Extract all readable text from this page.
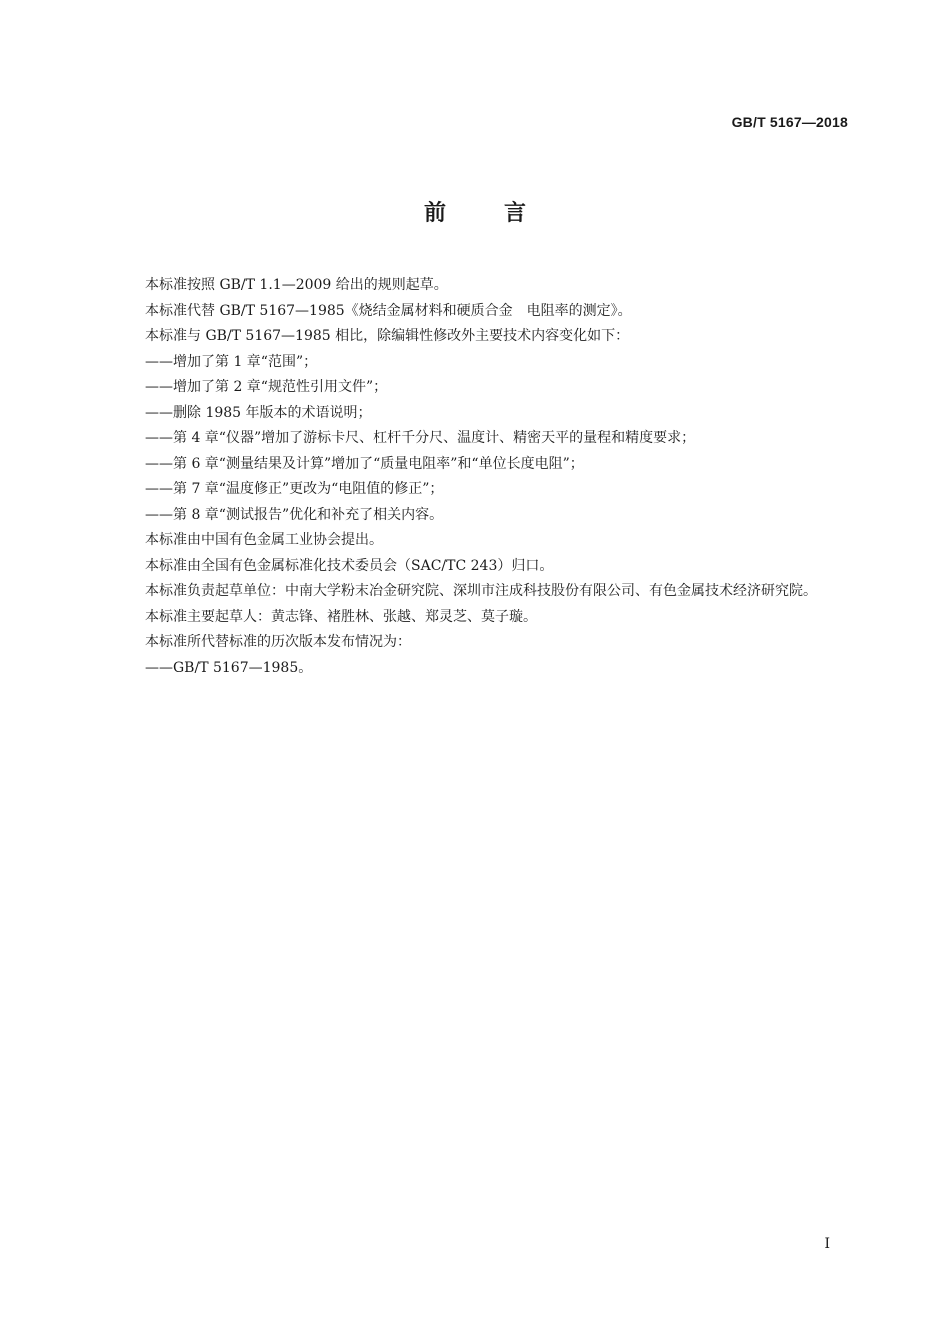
GB/T 5167—2018
前言

本标准按照 GB/T 1.1—2009 给出的规则起草。

本标准代替 GB/T 5167—1985《烧结金属材料和硬质合金　电阻率的测定》。

本标准与 GB/T 5167—1985 相比，除编辑性修改外主要技术内容变化如下：

——增加了第 1 章“范围”；

——增加了第 2 章“规范性引用文件”；

——删除 1985 年版本的术语说明；

——第 4 章“仪器”增加了游标卡尺、杠杆千分尺、温度计、精密天平的量程和精度要求；

——第 6 章“测量结果及计算”增加了“质量电阻率”和“单位长度电阻”；

——第 7 章“温度修正”更改为“电阻值的修正”；

——第 8 章“测试报告”优化和补充了相关内容。

本标准由中国有色金属工业协会提出。

本标准由全国有色金属标准化技术委员会（SAC/TC 243）归口。

本标准负责起草单位：中南大学粉末冶金研究院、深圳市注成科技股份有限公司、有色金属技术经济研究院。

本标准主要起草人：黄志锋、褚胜林、张越、郑灵芝、莫子璇。

本标准所代替标准的历次版本发布情况为：

——GB/T 5167—1985。

I
